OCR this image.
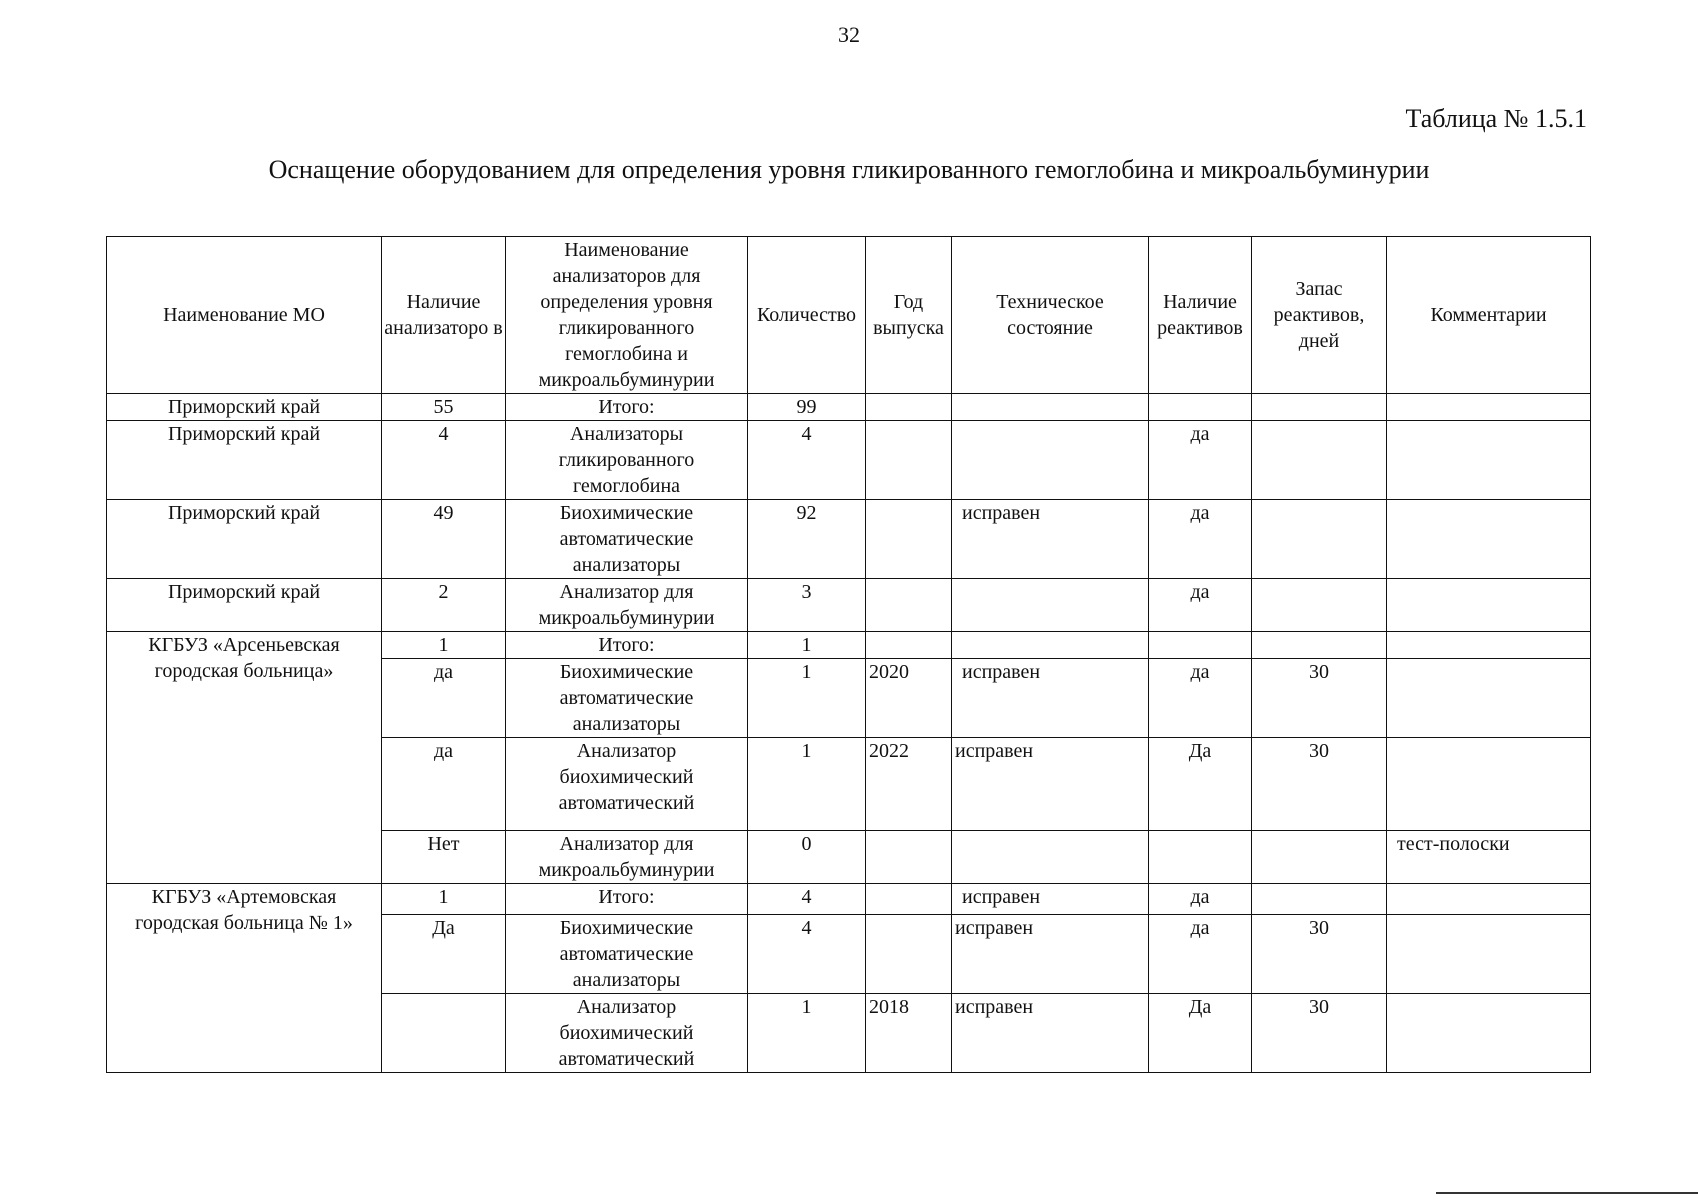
32
Таблица № 1.5.1
Оснащение оборудованием для определения уровня гликированного гемоглобина и микроальбуминурии
Наименование МО	Наличие анализаторо в	Наименование анализаторов для определения уровня гликированного гемоглобина и микроальбуминурии	Количество	Год выпуска	Техническое состояние	Наличие реактивов	Запас реактивов, дней	Комментарии
Приморский край	55	Итого:	99					
Приморский край	4	Анализаторы гликированного гемоглобина	4			да		
Приморский край	49	Биохимические автоматические анализаторы	92		исправен	да		
Приморский край	2	Анализатор для микроальбуминурии	3			да		
КГБУЗ «Арсеньевская городская больница»	1	Итого:	1					
	да	Биохимические автоматические анализаторы	1	2020	исправен	да	30	
	да	Анализатор биохимический автоматический	1	2022	исправен	Да	30	
	Нет	Анализатор для микроальбуминурии	0					тест-полоски
КГБУЗ «Артемовская городская больница № 1»	1	Итого:	4		исправен	да		
	Да	Биохимические автоматические анализаторы	4		исправен	да	30	
		Анализатор биохимический автоматический	1	2018	исправен	Да	30	
